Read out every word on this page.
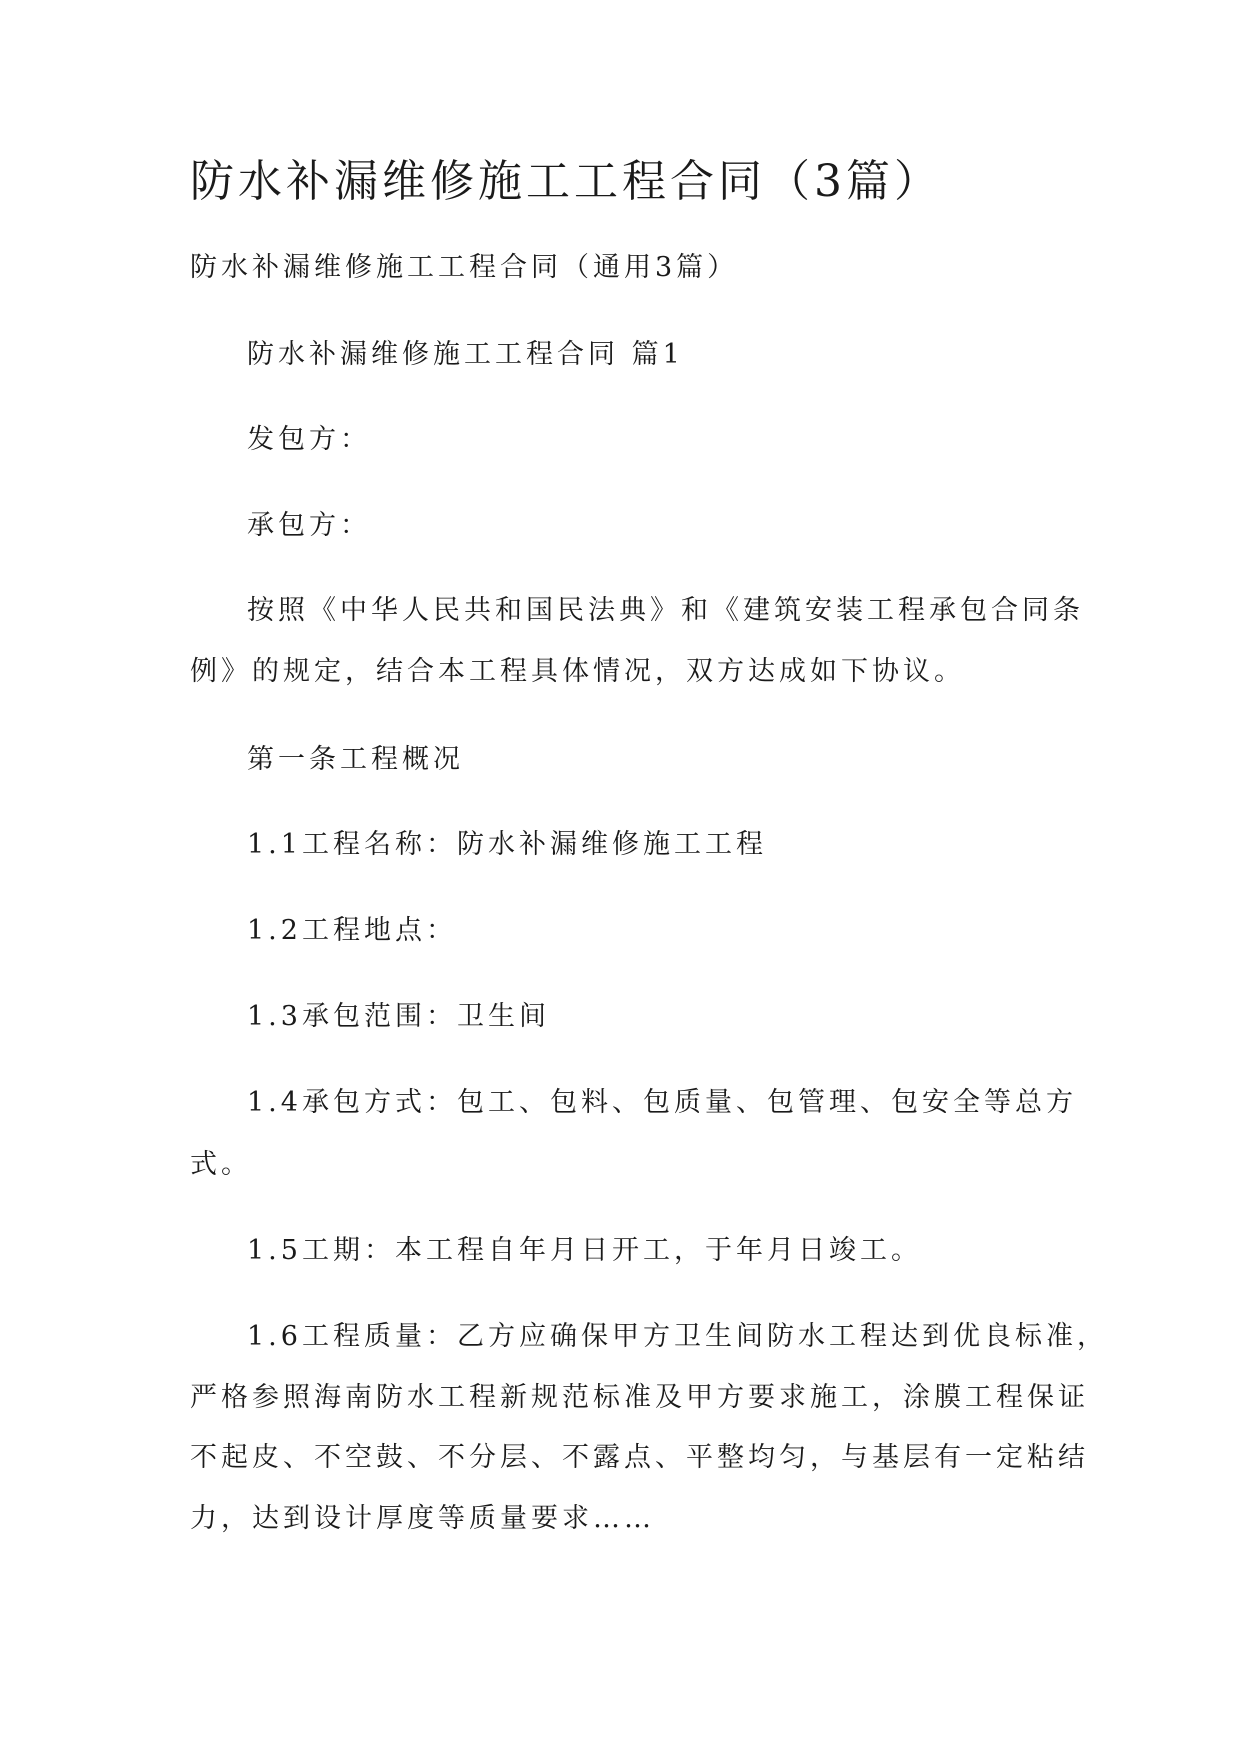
防水补漏维修施工工程合同（3篇）
防水补漏维修施工工程合同（通用3篇）
防水补漏维修施工工程合同 篇1
发包方：
承包方：
按照《中华人民共和国民法典》和《建筑安装工程承包合同条
例》的规定，结合本工程具体情况，双方达成如下协议。
第一条工程概况
1.1工程名称：防水补漏维修施工工程
1.2工程地点：
1.3承包范围：卫生间
1.4承包方式：包工、包料、包质量、包管理、包安全等总方
式。
1.5工期：本工程自年月日开工，于年月日竣工。
1.6工程质量：乙方应确保甲方卫生间防水工程达到优良标准，
严格参照海南防水工程新规范标准及甲方要求施工，涂膜工程保证
不起皮、不空鼓、不分层、不露点、平整均匀，与基层有一定粘结
力，达到设计厚度等质量要求……
